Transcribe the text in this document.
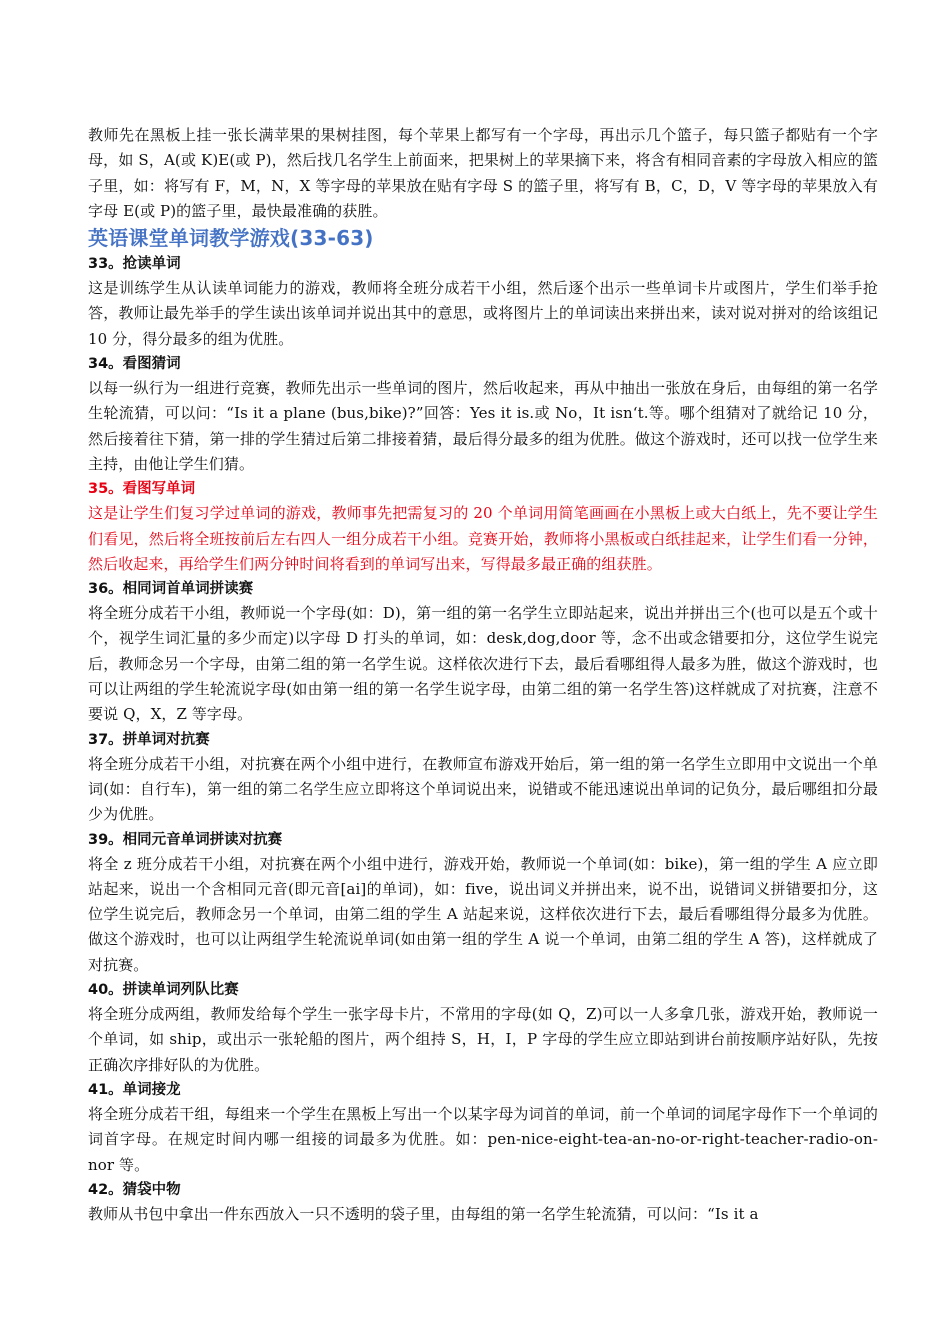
教师先在黑板上挂一张长满苹果的果树挂图，每个苹果上都写有一个字母，再出示几个篮子，每只篮子都贴有一个字母，如 S，A(或 K)E(或 P)，然后找几名学生上前面来，把果树上的苹果摘下来，将含有相同音素的字母放入相应的篮子里，如：将写有 F，M，N，X 等字母的苹果放在贴有字母 S 的篮子里，将写有 B，C，D，V 等字母的苹果放入有字母 E(或 P)的篮子里，最快最准确的获胜。

英语课堂单词教学游戏(33-63)
33。抢读单词

这是训练学生从认读单词能力的游戏，教师将全班分成若干小组，然后逐个出示一些单词卡片或图片，学生们举手抢答，教师让最先举手的学生读出该单词并说出其中的意思，或将图片上的单词读出来拼出来，读对说对拼对的给该组记 10 分，得分最多的组为优胜。

34。看图猜词

以每一纵行为一组进行竞赛，教师先出示一些单词的图片，然后收起来，再从中抽出一张放在身后，由每组的第一名学生轮流猜，可以问：“Is it a plane (bus,bike)?”回答：Yes it is.或 No，It isn‘t.等。哪个组猜对了就给记 10 分，然后接着往下猜，第一排的学生猜过后第二排接着猜，最后得分最多的组为优胜。做这个游戏时，还可以找一位学生来主持，由他让学生们猜。

35。看图写单词

这是让学生们复习学过单词的游戏，教师事先把需复习的 20 个单词用简笔画画在小黑板上或大白纸上，先不要让学生们看见，然后将全班按前后左右四人一组分成若干小组。竞赛开始，教师将小黑板或白纸挂起来，让学生们看一分钟，然后收起来，再给学生们两分钟时间将看到的单词写出来，写得最多最正确的组获胜。

36。相同词首单词拼读赛

将全班分成若干小组，教师说一个字母(如：D)，第一组的第一名学生立即站起来，说出并拼出三个(也可以是五个或十个，视学生词汇量的多少而定)以字母 D 打头的单词，如：desk,dog,door 等，念不出或念错要扣分，这位学生说完后，教师念另一个字母，由第二组的第一名学生说。这样依次进行下去，最后看哪组得人最多为胜，做这个游戏时，也可以让两组的学生轮流说字母(如由第一组的第一名学生说字母，由第二组的第一名学生答)这样就成了对抗赛，注意不要说 Q，X，Z 等字母。

37。拼单词对抗赛

将全班分成若干小组，对抗赛在两个小组中进行，在教师宣布游戏开始后，第一组的第一名学生立即用中文说出一个单词(如：自行车)，第一组的第二名学生应立即将这个单词说出来，说错或不能迅速说出单词的记负分，最后哪组扣分最少为优胜。

39。相同元音单词拼读对抗赛

将全 z 班分成若干小组，对抗赛在两个小组中进行，游戏开始，教师说一个单词(如：bike)，第一组的学生 A 应立即站起来，说出一个含相同元音(即元音[ai]的单词)，如：five，说出词义并拼出来，说不出，说错词义拼错要扣分，这位学生说完后，教师念另一个单词，由第二组的学生 A 站起来说，这样依次进行下去，最后看哪组得分最多为优胜。做这个游戏时，也可以让两组学生轮流说单词(如由第一组的学生 A 说一个单词，由第二组的学生 A 答)，这样就成了对抗赛。

40。拼读单词列队比赛

将全班分成两组，教师发给每个学生一张字母卡片，不常用的字母(如 Q，Z)可以一人多拿几张，游戏开始，教师说一个单词，如 ship，或出示一张轮船的图片，两个组持 S，H，I，P 字母的学生应立即站到讲台前按顺序站好队，先按正确次序排好队的为优胜。

41。单词接龙

将全班分成若干组，每组来一个学生在黑板上写出一个以某字母为词首的单词，前一个单词的词尾字母作下一个单词的词首字母。在规定时间内哪一组接的词最多为优胜。如：pen-nice-eight-tea-an-no-or-right-teacher-radio-on-nor 等。

42。猜袋中物

教师从书包中拿出一件东西放入一只不透明的袋子里，由每组的第一名学生轮流猜，可以问：“Is it a
